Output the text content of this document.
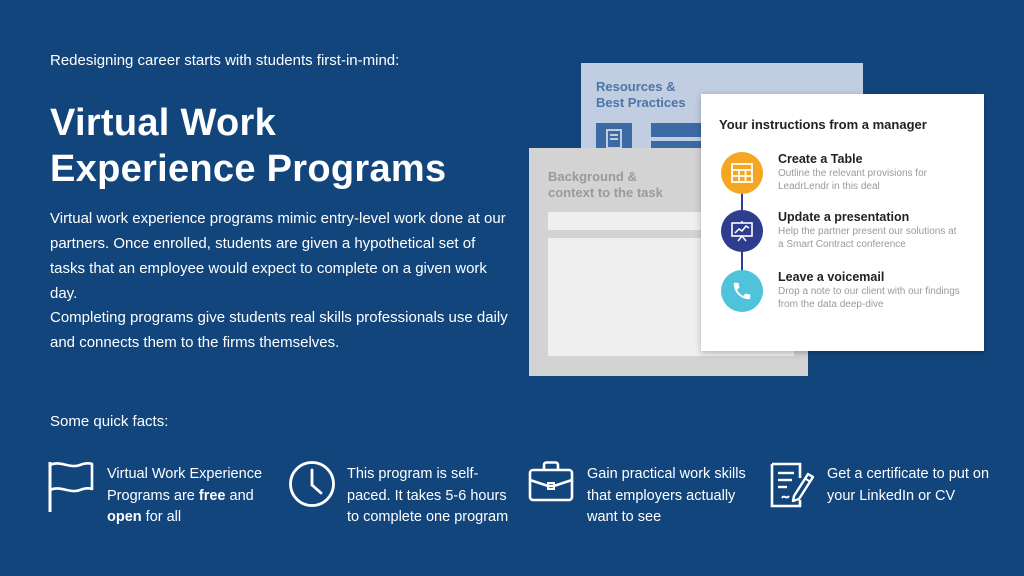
Redesigning career starts with students first-in-mind:
Virtual Work
Experience Programs

Virtual work experience programs mimic entry-level work done at our partners. Once enrolled, students are given a hypothetical set of tasks that an employee would expect to complete on a given work day.

Completing programs give students real skills professionals use daily and connects them to the firms themselves.

Resources &
Best Practices
Background &
context to the task
Your instructions from a manager
Create a Table
Outline the relevant provisions for LeadrLendr in this deal
Update a presentation
Help the partner present our solutions at a Smart Contract conference
Leave a voicemail
Drop a note to our client with our findings from the data deep-dive
Some quick facts:
Virtual Work Experience Programs are free and open for all
This program is self-paced. It takes 5-6 hours to complete one program
Gain practical work skills that employers actually want to see
Get a certificate to put on your LinkedIn or CV
